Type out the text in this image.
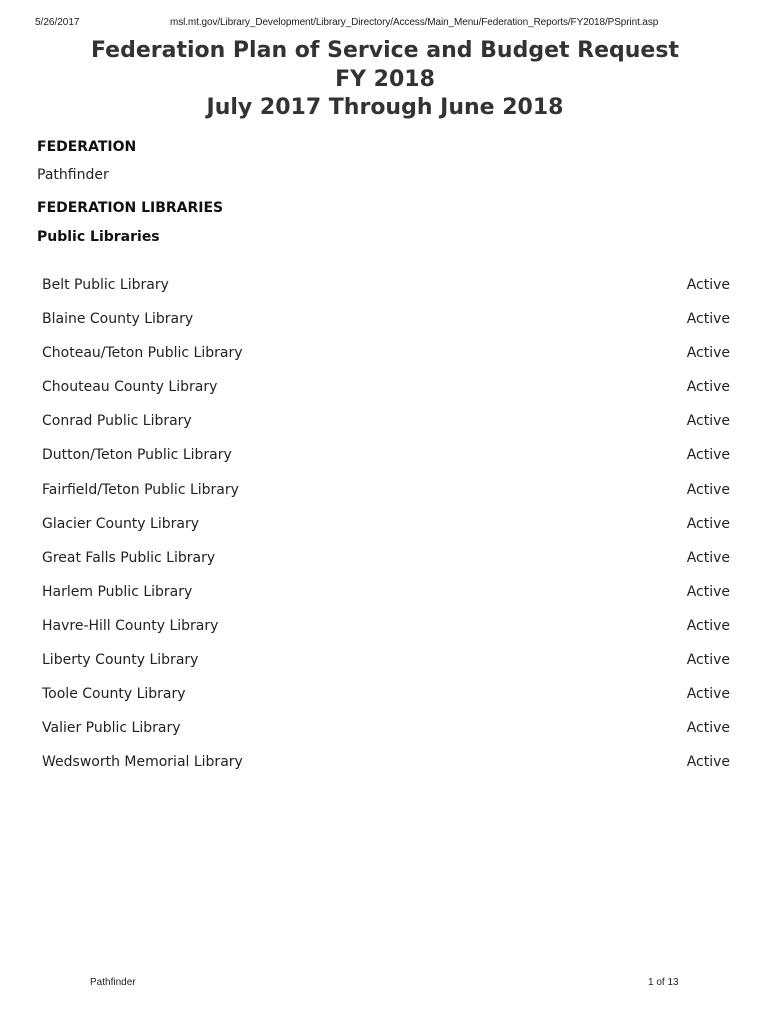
5/26/2017	msl.mt.gov/Library_Development/Library_Directory/Access/Main_Menu/Federation_Reports/FY2018/PSprint.asp
Federation Plan of Service and Budget Request
FY 2018
July 2017 Through June 2018
FEDERATION
Pathfinder
FEDERATION LIBRARIES
Public Libraries
Belt Public Library	Active
Blaine County Library	Active
Choteau/Teton Public Library	Active
Chouteau County Library	Active
Conrad Public Library	Active
Dutton/Teton Public Library	Active
Fairfield/Teton Public Library	Active
Glacier County Library	Active
Great Falls Public Library	Active
Harlem Public Library	Active
Havre-Hill County Library	Active
Liberty County Library	Active
Toole County Library	Active
Valier Public Library	Active
Wedsworth Memorial Library	Active
Pathfinder	1 of 13
